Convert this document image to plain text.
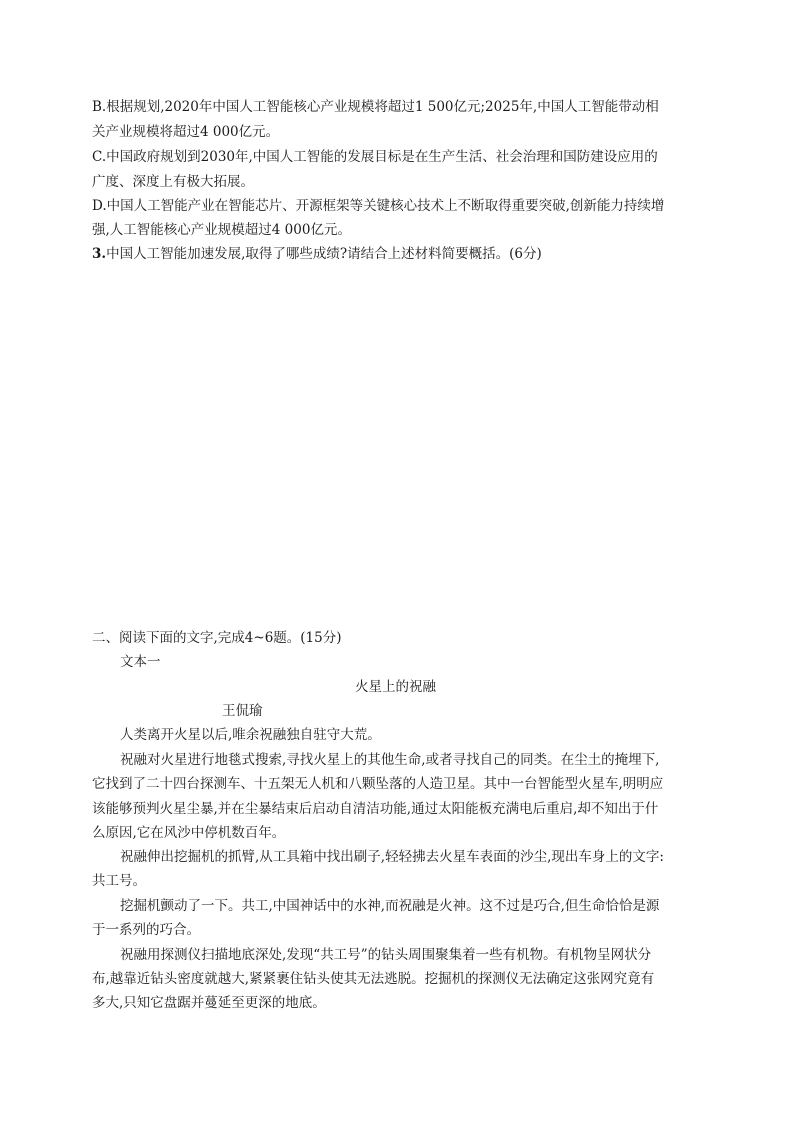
B.根据规划,2020年中国人工智能核心产业规模将超过1 500亿元;2025年,中国人工智能带动相
关产业规模将超过4 000亿元。
C.中国政府规划到2030年,中国人工智能的发展目标是在生产生活、社会治理和国防建设应用的
广度、深度上有极大拓展。
D.中国人工智能产业在智能芯片、开源框架等关键核心技术上不断取得重要突破,创新能力持续增
强,人工智能核心产业规模超过4 000亿元。
3.中国人工智能加速发展,取得了哪些成绩?请结合上述材料简要概括。(6分)
二、阅读下面的文字,完成4~6题。(15分)
文本一
火星上的祝融
王侃瑜
人类离开火星以后,唯余祝融独自驻守大荒。
祝融对火星进行地毯式搜索,寻找火星上的其他生命,或者寻找自己的同类。在尘土的掩埋下,
它找到了二十四台探测车、十五架无人机和八颗坠落的人造卫星。其中一台智能型火星车,明明应
该能够预判火星尘暴,并在尘暴结束后启动自清洁功能,通过太阳能板充满电后重启,却不知出于什
么原因,它在风沙中停机数百年。
祝融伸出挖掘机的抓臂,从工具箱中找出刷子,轻轻拂去火星车表面的沙尘,现出车身上的文字:
共工号。
挖掘机颤动了一下。共工,中国神话中的水神,而祝融是火神。这不过是巧合,但生命恰恰是源
于一系列的巧合。
祝融用探测仪扫描地底深处,发现“共工号”的钻头周围聚集着一些有机物。有机物呈网状分
布,越靠近钻头密度就越大,紧紧裹住钻头使其无法逃脱。挖掘机的探测仪无法确定这张网究竟有
多大,只知它盘踞并蔓延至更深的地底。
